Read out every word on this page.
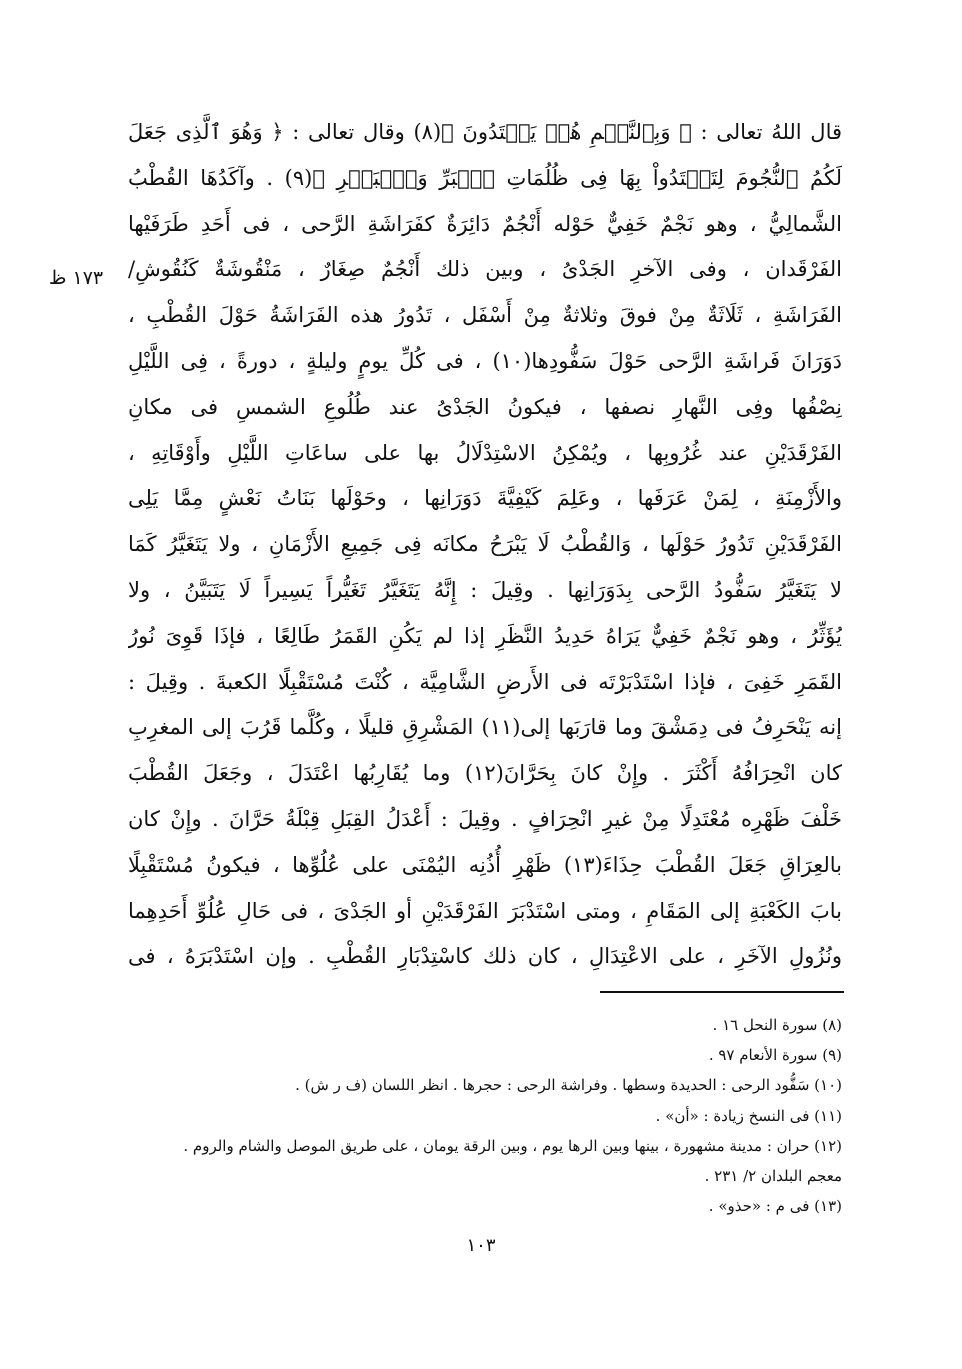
قال اللهُ تعالى : ﴿ وَبِٱلنَّجۡمِ هُمۡ يَهۡتَدُونَ ﴾(٨) وقال تعالى : ﴿ وَهُوَ ٱلَّذِى جَعَلَ
لَكُمُ ٱلنُّجُومَ لِتَهۡتَدُواْ بِهَا فِى ظُلُمَاتِ ٱلۡبَرِّ وَٱلۡبَحۡرِ ﴾(٩) . وآكَدُهَا القُطْبُ
الشَّمالِيُّ ، وهو نَجْمٌ خَفِيٌّ حَوْله أَنْجُمٌ دَائِرَةٌ كفَرَاشَةِ الرَّحى ، فى أَحَدِ طَرَفَيْها
الفَرْقَدان ، وفى الآخرِ الجَدْىُ ، وبين ذلك أَنْجُمٌ صِغَارٌ ، مَنْقُوشَةٌ كَنُقُوشِ/
الفَرَاشَةِ ، ثَلَاثَةٌ مِنْ فوقَ وثلاثةٌ مِنْ أَسْفَل ، تَدُورُ هذه الفَرَاشَةُ حَوْلَ القُطْبِ ،
دَوَرَانَ فَراشَةِ الرَّحى حَوْلَ سَفُّودِها(١٠) ، فى كُلِّ يومٍ وليلةٍ ، دورةً ، فِى اللَّيْلِ
نِصْفُها وفِى النَّهارِ نصفها ، فيكونُ الجَدْىُ عند طُلُوعِ الشمسِ فى مكانِ
الفَرْقَدَيْنِ عند غُرُوبِها ، ويُمْكِنُ الاسْتِدْلَالُ بها على ساعَاتِ اللَّيْلِ وأَوْقَاتِهِ ،
والأَزْمِنَةِ ، لِمَنْ عَرَفَها ، وعَلِمَ كَيْفِيَّةَ دَوَرَانِها ، وحَوْلَها بَنَاتُ نَعْشٍ مِمَّا يَلِى
الفَرْقَدَيْنِ تَدُورُ حَوْلَها ، وَالقُطْبُ لَا يَبْرَحُ مكانَه فِى جَمِيعِ الأَزْمَانِ ، ولا يَتَغَيَّرُ كَمَا
لا يَتَغَيَّرُ سَفُّودُ الرَّحى بِدَوَرَانِها . وقِيلَ : إِنَّهُ يَتَغَيَّرُ تَغَيُّراً يَسِيراً لَا يَتَبَيَّنُ ، ولا
يُؤَثِّرُ ، وهو نَجْمٌ خَفِيٌّ يَرَاهُ حَدِيدُ النَّظَرِ إذا لم يَكُنِ القَمَرُ طَالِعًا ، فإذَا قَوِىَ نُورُ
القَمَرِ خَفِىَ ، فإذا اسْتَدْبَرْتَه فى الأَرضِ الشَّامِيَّة ، كُنْتَ مُسْتَقْبِلًا الكعبةَ . وقِيلَ :
إنه يَنْحَرِفُ فى دِمَشْقَ وما قارَبَها إلى(١١) المَشْرِقِ قليلًا ، وكُلَّما قَرُبَ إلى المغرِبِ
كان انْحِرَافُهُ أَكْثَرَ . وإِنْ كانَ بِحَرَّانَ(١٢) وما يُقَارِبُها اعْتَدَلَ ، وجَعَلَ القُطْبَ
خَلْفَ ظَهْرِه مُعْتَدِلًا مِنْ غيرِ انْحِرَافٍ . وقِيلَ : أَعْدَلُ القِبَلِ قِبْلَةُ حَرَّانَ . وإِنْ كان
بالعِرَاقِ جَعَلَ القُطْبَ حِذَاءَ(١٣) ظَهْرِ أُذُنِه اليُمْنَى على عُلُوِّها ، فيكونُ مُسْتَقْبِلًا
بابَ الكَعْبَةِ إلى المَقَامِ ، ومتى اسْتَدْبَرَ الفَرْقَدَيْنِ أو الجَدْىَ ، فى حَالِ عُلُوِّ أَحَدِهِما
ونُزُولِ الآخَرِ ، على الاعْتِدَالِ ، كان ذلك كاسْتِدْبَارِ القُطْبِ . وإن اسْتَدْبَرَهُ ، فى
١٧٣ ظ
(٨) سورة النحل ١٦ .
(٩) سورة الأنعام ٩٧ .
(١٠) سَفُّود الرحى : الحديدة وسطها . وفراشة الرحى : حجرها . انظر اللسان (ف ر ش) .
(١١) فى النسخ زيادة : «أن» .
(١٢) حران : مدينة مشهورة ، بينها وبين الرها يوم ، وبين الرقة يومان ، على طريق الموصل والشام والروم .
معجم البلدان ٢/ ٢٣١ .
(١٣) فى م : «حذو» .
١٠٣
